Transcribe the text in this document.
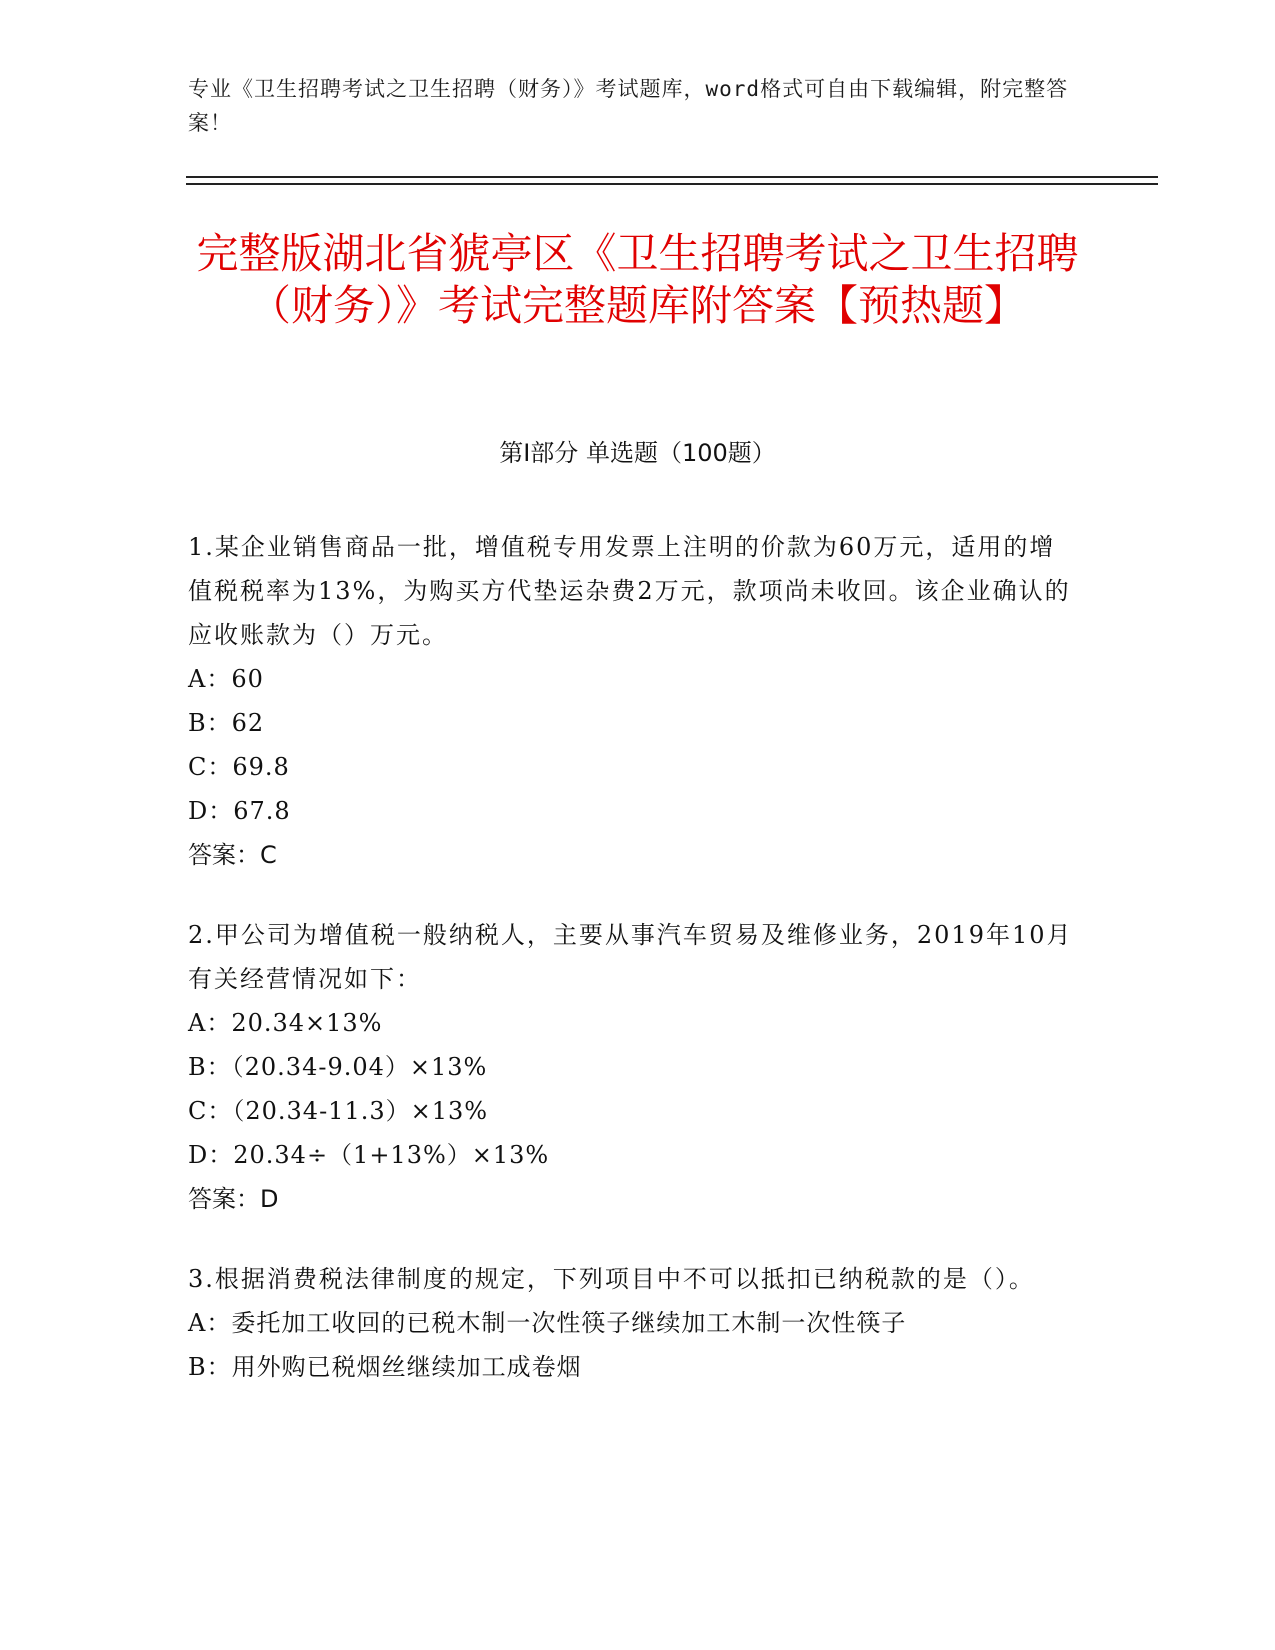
专业《卫生招聘考试之卫生招聘（财务）》考试题库，word格式可自由下载编辑，附完整答案！
完整版湖北省猇亭区《卫生招聘考试之卫生招聘（财务）》考试完整题库附答案【预热题】
第Ⅰ部分 单选题（100题）
1.某企业销售商品一批，增值税专用发票上注明的价款为60万元，适用的增值税税率为13%，为购买方代垫运杂费2万元，款项尚未收回。该企业确认的应收账款为（）万元。
A：60
B：62
C：69.8
D：67.8
答案：C
2.甲公司为增值税一般纳税人，主要从事汽车贸易及维修业务，2019年10月有关经营情况如下：
A：20.34×13%
B：（20.34-9.04）×13%
C：（20.34-11.3）×13%
D：20.34÷（1+13%）×13%
答案：D
3.根据消费税法律制度的规定，下列项目中不可以抵扣已纳税款的是（）。
A：委托加工收回的已税木制一次性筷子继续加工木制一次性筷子
B：用外购已税烟丝继续加工成卷烟
